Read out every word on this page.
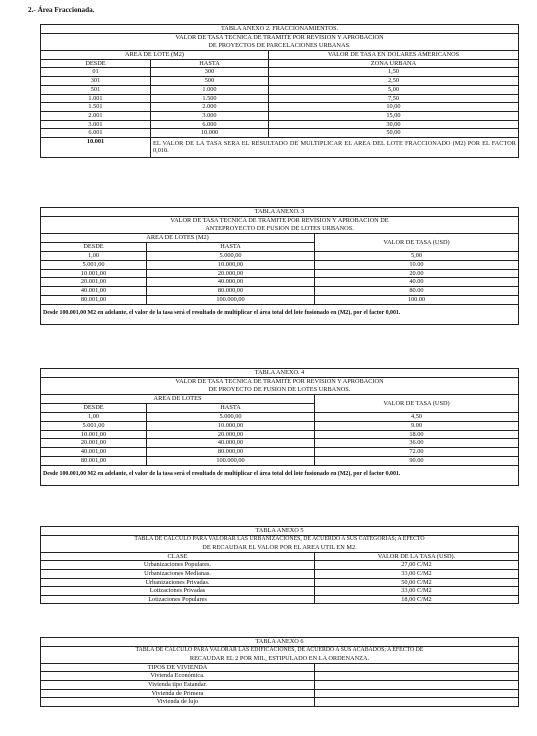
2.- Área Fraccionada.
TABLA ANEXO 2. FRACCIONAMIENTOS.		
VALOR DE TASA TECNICA DE TRAMITE POR REVISION Y APROBACION		
DE PROYECTOS DE PARCELACIONES URBANAS.		
AREA DE LOTE (M2)		VALOR DE TASA EN DOLARES AMERICANOS
DESDE	HASTA	ZONA URBANA
01	300	1,50
301	500	2,50
501	1.000	5,00
1.001	1.500	7,50
1.501	2.000	10,00
2.001	3.000	15,00
3.001	6.000	30,00
6.001	10.000	50,00
10.001	EL VALOR DE LA TASA SERA EL RESULTADO DE MULTIPLICAR EL AREA DEL LOTE FRACCIONADO (M2) POR EL FACTOR 0,010.	
TABLA ANEXO. 3		
VALOR DE TASA TECNICA DE TRAMITE POR REVISION Y APROBACION DE		
ANTEPROYECTO DE FUSION DE LOTES URBANOS.		
AREA DE LOTES (M2)		VALOR DE TASA (USD)
DESDE	HASTA	
1,00	5.000,00	5,00
5.001,00	10.000,00	10.00
10.001,00	20.000,00	20.00
20.001,00	40.000,00	40.00
40.001,00	80.000,00	80.00
80.001,00	100.000,00	100.00
Desde 100.001,00 M2 en adelante, el valor de la tasa será el resultado de multiplicar el área total del lote fusionado en (M2), por el factor 0,001.		
TABLA ANEXO. 4		
VALOR DE TASA TECNICA DE TRAMITE POR REVISION Y APROBACION		
DE PROYECTO DE FUSION DE LOTES URBANOS.		
AREA DE LOTES		VALOR DE TASA (USD)
DESDE	HASTA	
1,00	5.000,00	4,50
5.001,00	10.000,00	9.00
10.001,00	20.000,00	18.00
20.001,00	40.000,00	36.00
40.001,00	80.000,00	72.00
80.001,00	100.000,00	90.00
Desde 100.001,00 M2 en adelante, el valor de la tasa será el resultado de multiplicar el área total del lote fusionado en (M2), por el factor 0,001.		
TABLA ANEXO 5	
TABLA DE CALCULO PARA VALORAR LAS URBANIZACIONES, DE ACUERDO A SUS CATEGORIAS; A EFECTO	
DE RECAUDAR EL VALOR POR EL AREA UTIL EN M2.	
CLASE	VALOR DE LA TASA (USD).
Urbanizaciones Populares.	27,00 C/M2
Urbanizaciones Medianas.	33,00 C/M2
Urbanizaciones Privadas.	50,00 C/M2
Lotizaciones Privadas	33,00 C/M2
Lotizaciones Populares	18,00 C/M2
TABLA ANEXO 6	
TABLA DE CALCULO PARA VALORAR LAS EDIFICACIONES, DE ACUERDO A SUS ACABADOS; A EFECTO DE	
RECAUDAR EL 2 POR MIL, ESTIPULADO EN LA ORDENANZA.	
TIPOS DE VIVIENDA	
Vivienda Económica.	
Vivienda tipo Estandar.	
Vivienda de Primera	
Vivienda de lujo	
